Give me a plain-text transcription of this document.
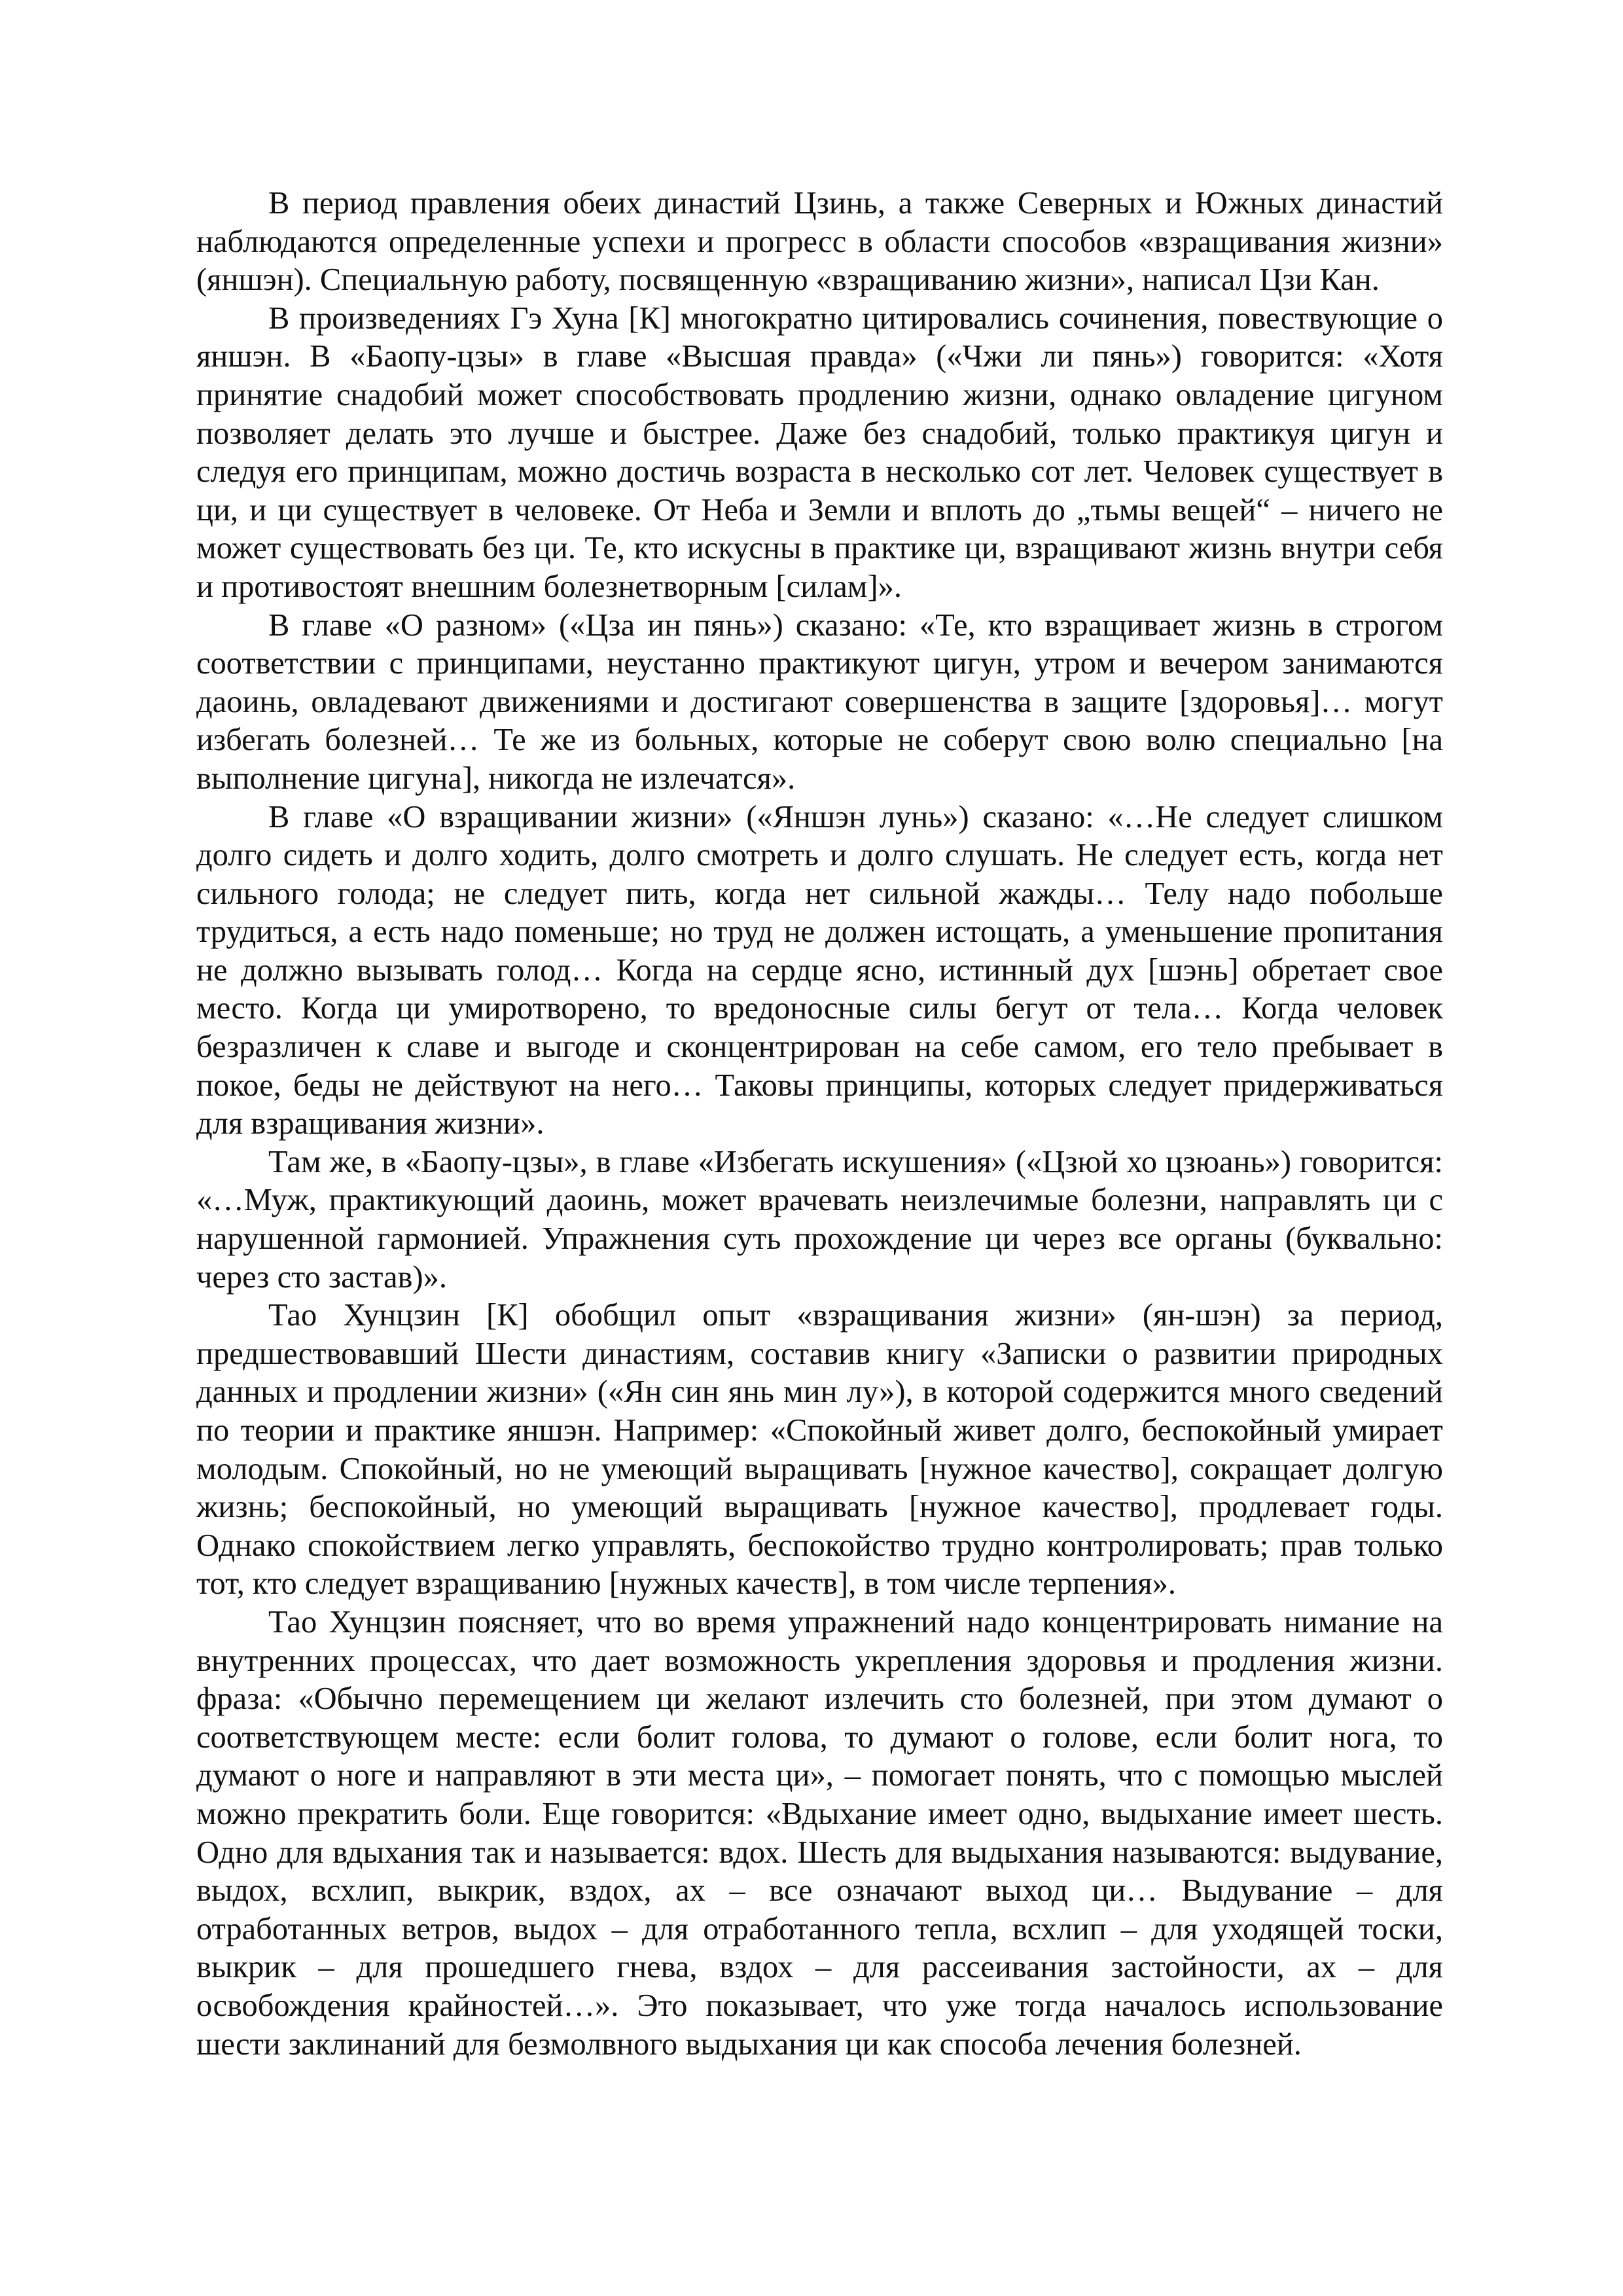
В период правления обеих династий Цзинь, а также Северных и Южных династий наблюдаются определенные успехи и прогресс в области способов «взращивания жизни» (яншэн). Специальную работу, посвященную «взращиванию жизни», написал Цзи Кан.

В произведениях Гэ Хуна [К] многократно цитировались сочинения, повествующие о яншэн. В «Баопу-цзы» в главе «Высшая правда» («Чжи ли пянь») говорится: «Хотя принятие снадобий может способствовать продлению жизни, однако овладение цигуном позволяет делать это лучше и быстрее. Даже без снадобий, только практикуя цигун и следуя его принципам, можно достичь возраста в несколько сот лет. Человек существует в ци, и ци существует в человеке. От Неба и Земли и вплоть до „тьмы вещей“ – ничего не может существовать без ци. Те, кто искусны в практике ци, взращивают жизнь внутри себя и противостоят внешним болезнетворным [силам]».

В главе «О разном» («Цза ин пянь») сказано: «Те, кто взращивает жизнь в строгом соответствии с принципами, неустанно практикуют цигун, утром и вечером занимаются даоинь, овладевают движениями и достигают совершенства в защите [здоровья]… могут избегать болезней… Те же из больных, которые не соберут свою волю специально [на выполнение цигуна], никогда не излечатся».

В главе «О взращивании жизни» («Яншэн лунь») сказано: «…Не следует слишком долго сидеть и долго ходить, долго смотреть и долго слушать. Не следует есть, когда нет сильного голода; не следует пить, когда нет сильной жажды… Телу надо побольше трудиться, а есть надо поменьше; но труд не должен истощать, а уменьшение пропитания не должно вызывать голод… Когда на сердце ясно, истинный дух [шэнь] обретает свое место. Когда ци умиротворено, то вредоносные силы бегут от тела… Когда человек безразличен к славе и выгоде и сконцентрирован на себе самом, его тело пребывает в покое, беды не действуют на него… Таковы принципы, которых следует придерживаться для взращивания жизни».

Там же, в «Баопу-цзы», в главе «Избегать искушения» («Цзюй хо цзюань») говорится: «…Муж, практикующий даоинь, может врачевать неизлечимые болезни, направлять ци с нарушенной гармонией. Упражнения суть прохождение ци через все органы (буквально: через сто застав)».

Тао Хунцзин [К] обобщил опыт «взращивания жизни» (ян-шэн) за период, предшествовавший Шести династиям, составив книгу «Записки о развитии природных данных и продлении жизни» («Ян син янь мин лу»), в которой содержится много сведений по теории и практике яншэн. Например: «Спокойный живет долго, беспокойный умирает молодым. Спокойный, но не умеющий выращивать [нужное качество], сокращает долгую жизнь; беспокойный, но умеющий выращивать [нужное качество], продлевает годы. Однако спокойствием легко управлять, беспокойство трудно контролировать; прав только тот, кто следует взращиванию [нужных качеств], в том числе терпения».

Тао Хунцзин поясняет, что во время упражнений надо концентрировать нимание на внутренних процессах, что дает возможность укрепления здоровья и продления жизни. фраза: «Обычно перемещением ци желают излечить сто болезней, при этом думают о соответствующем месте: если болит голова, то думают о голове, если болит нога, то думают о ноге и направляют в эти места ци», – помогает понять, что с помощью мыслей можно прекратить боли. Еще говорится: «Вдыхание имеет одно, выдыхание имеет шесть. Одно для вдыхания так и называется: вдох. Шесть для выдыхания называются: выдувание, выдох, всхлип, выкрик, вздох, ах – все означают выход ци… Выдувание – для отработанных ветров, выдох – для отработанного тепла, всхлип – для уходящей тоски, выкрик – для прошедшего гнева, вздох – для рассеивания застойности, ах – для освобождения крайностей…». Это показывает, что уже тогда началось использование шести заклинаний для безмолвного выдыхания ци как способа лечения болезней.
